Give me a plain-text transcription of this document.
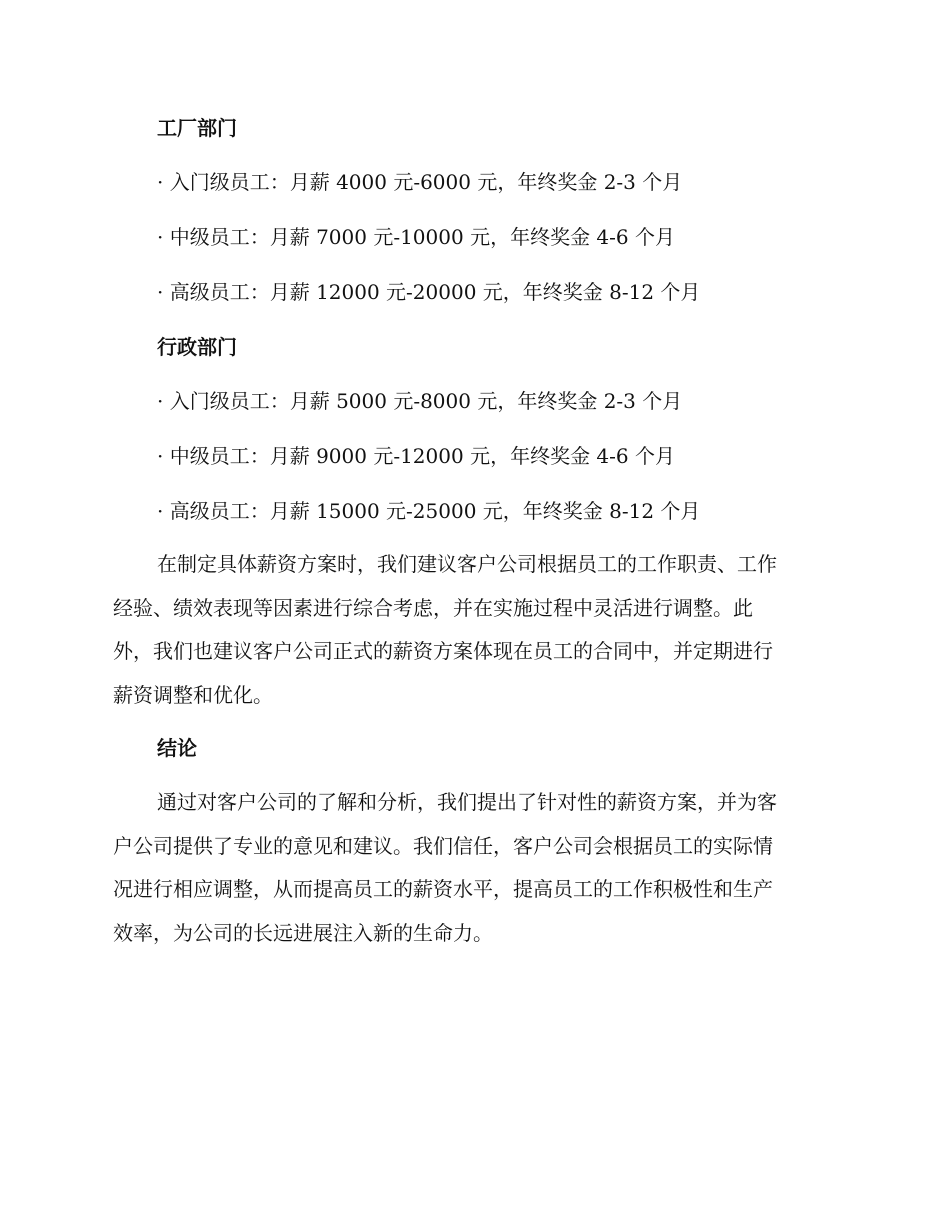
工厂部门

· 入门级员工：月薪 4000 元-6000 元，年终奖金 2-3 个月

· 中级员工：月薪 7000 元-10000 元，年终奖金 4-6 个月

· 高级员工：月薪 12000 元-20000 元，年终奖金 8-12 个月

行政部门

· 入门级员工：月薪 5000 元-8000 元，年终奖金 2-3 个月

· 中级员工：月薪 9000 元-12000 元，年终奖金 4-6 个月

· 高级员工：月薪 15000 元-25000 元，年终奖金 8-12 个月

在制定具体薪资方案时，我们建议客户公司根据员工的工作职责、工作
经验、绩效表现等因素进行综合考虑，并在实施过程中灵活进行调整。此
外，我们也建议客户公司正式的薪资方案体现在员工的合同中，并定期进行
薪资调整和优化。
结论
通过对客户公司的了解和分析，我们提出了针对性的薪资方案，并为客
户公司提供了专业的意见和建议。我们信任，客户公司会根据员工的实际情
况进行相应调整，从而提高员工的薪资水平，提高员工的工作积极性和生产
效率，为公司的长远进展注入新的生命力。
